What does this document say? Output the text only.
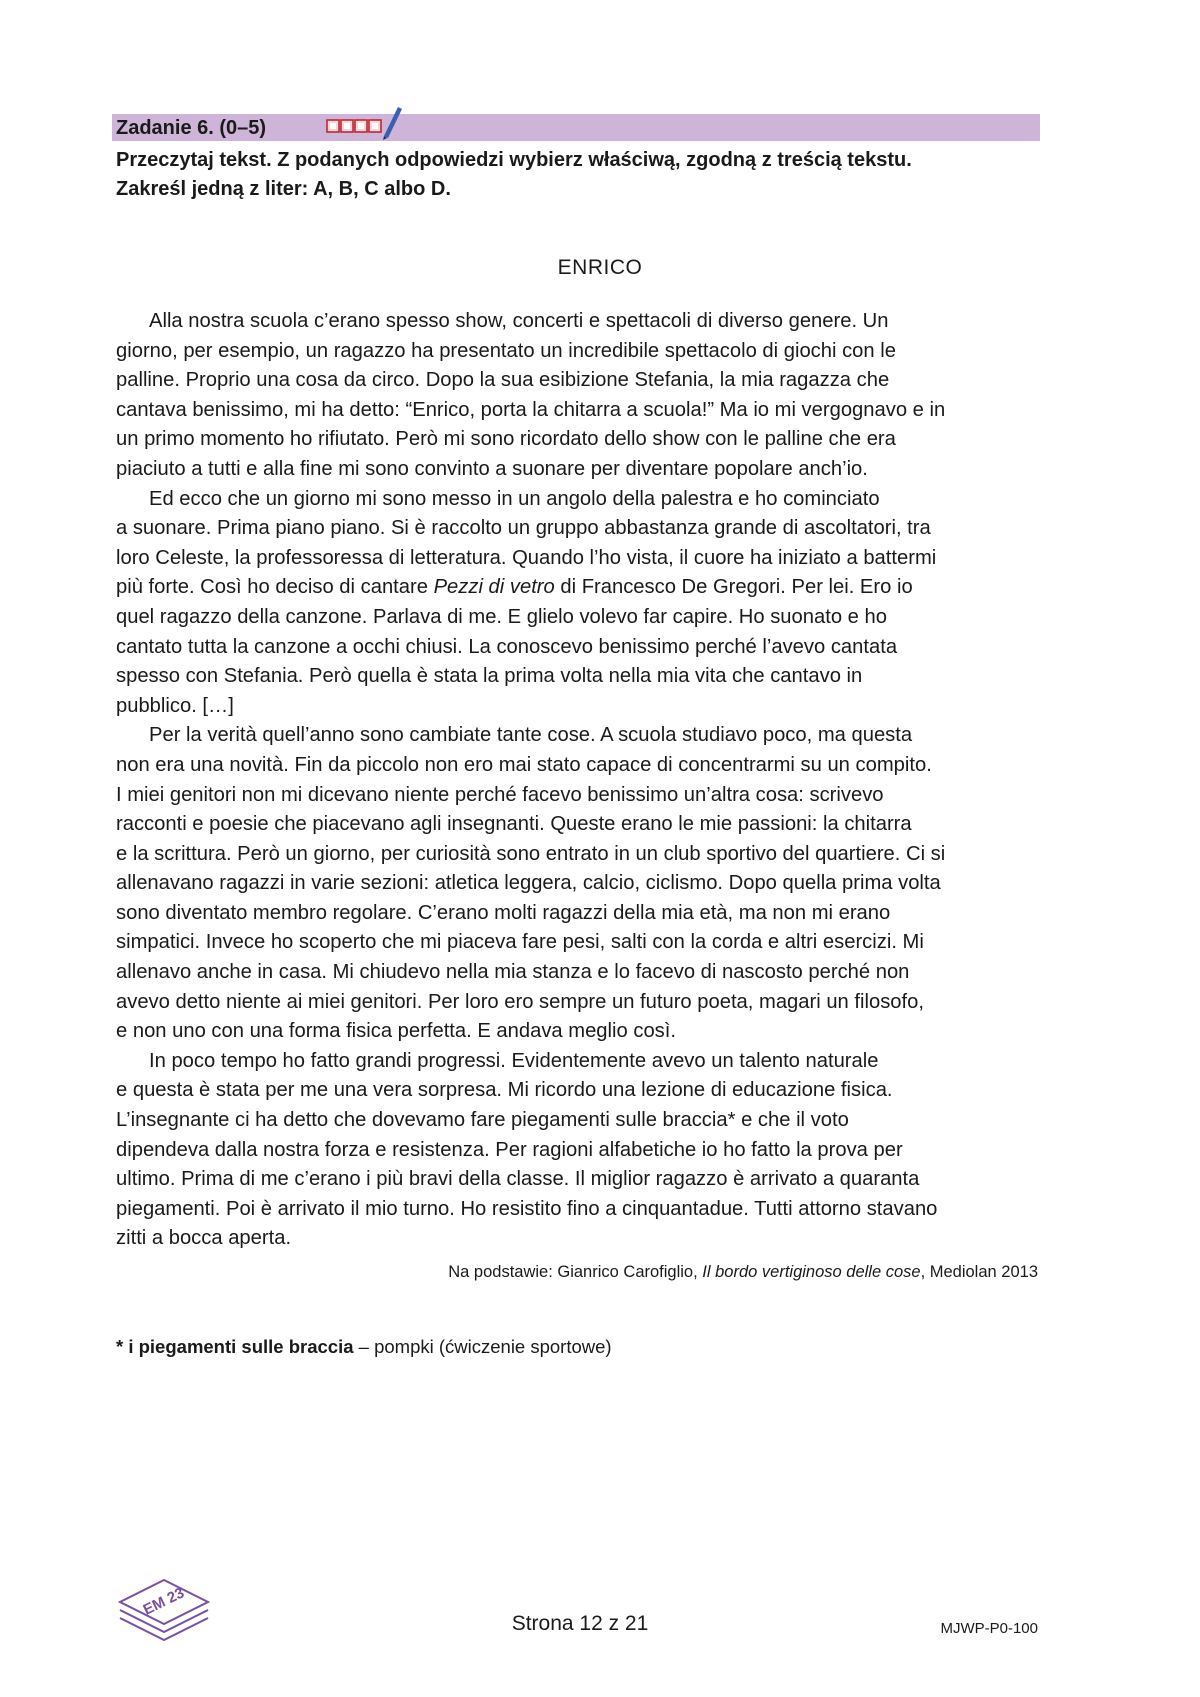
Zadanie 6. (0–5)
Przeczytaj tekst. Z podanych odpowiedzi wybierz właściwą, zgodną z treścią tekstu.
Zakreśl jedną z liter: A, B, C albo D.
ENRICO
Alla nostra scuola c’erano spesso show, concerti e spettacoli di diverso genere. Un
giorno, per esempio, un ragazzo ha presentato un incredibile spettacolo di giochi con le
palline. Proprio una cosa da circo. Dopo la sua esibizione Stefania, la mia ragazza che
cantava benissimo, mi ha detto: “Enrico, porta la chitarra a scuola!” Ma io mi vergognavo e in
un primo momento ho rifiutato. Però mi sono ricordato dello show con le palline che era
piaciuto a tutti e alla fine mi sono convinto a suonare per diventare popolare anch’io.
Ed ecco che un giorno mi sono messo in un angolo della palestra e ho cominciato
a suonare. Prima piano piano. Si è raccolto un gruppo abbastanza grande di ascoltatori, tra
loro Celeste, la professoressa di letteratura. Quando l’ho vista, il cuore ha iniziato a battermi
più forte. Così ho deciso di cantare Pezzi di vetro di Francesco De Gregori. Per lei. Ero io
quel ragazzo della canzone. Parlava di me. E glielo volevo far capire. Ho suonato e ho
cantato tutta la canzone a occhi chiusi. La conoscevo benissimo perché l’avevo cantata
spesso con Stefania. Però quella è stata la prima volta nella mia vita che cantavo in
pubblico. […]
Per la verità quell’anno sono cambiate tante cose. A scuola studiavo poco, ma questa
non era una novità. Fin da piccolo non ero mai stato capace di concentrarmi su un compito.
I miei genitori non mi dicevano niente perché facevo benissimo un’altra cosa: scrivevo
racconti e poesie che piacevano agli insegnanti. Queste erano le mie passioni: la chitarra
e la scrittura. Però un giorno, per curiosità sono entrato in un club sportivo del quartiere. Ci si
allenavano ragazzi in varie sezioni: atletica leggera, calcio, ciclismo. Dopo quella prima volta
sono diventato membro regolare. C’erano molti ragazzi della mia età, ma non mi erano
simpatici. Invece ho scoperto che mi piaceva fare pesi, salti con la corda e altri esercizi. Mi
allenavo anche in casa. Mi chiudevo nella mia stanza e lo facevo di nascosto perché non
avevo detto niente ai miei genitori. Per loro ero sempre un futuro poeta, magari un filosofo,
e non uno con una forma fisica perfetta. E andava meglio così.
In poco tempo ho fatto grandi progressi. Evidentemente avevo un talento naturale
e questa è stata per me una vera sorpresa. Mi ricordo una lezione di educazione fisica.
L’insegnante ci ha detto che dovevamo fare piegamenti sulle braccia* e che il voto
dipendeva dalla nostra forza e resistenza. Per ragioni alfabetiche io ho fatto la prova per
ultimo. Prima di me c’erano i più bravi della classe. Il miglior ragazzo è arrivato a quaranta
piegamenti. Poi è arrivato il mio turno. Ho resistito fino a cinquantadue. Tutti attorno stavano
zitti a bocca aperta.
Na podstawie: Gianrico Carofiglio, Il bordo vertiginoso delle cose, Mediolan 2013
* i piegamenti sulle braccia – pompki (ćwiczenie sportowe)
EM 23
Strona 12 z 21	MJWP-P0-100
